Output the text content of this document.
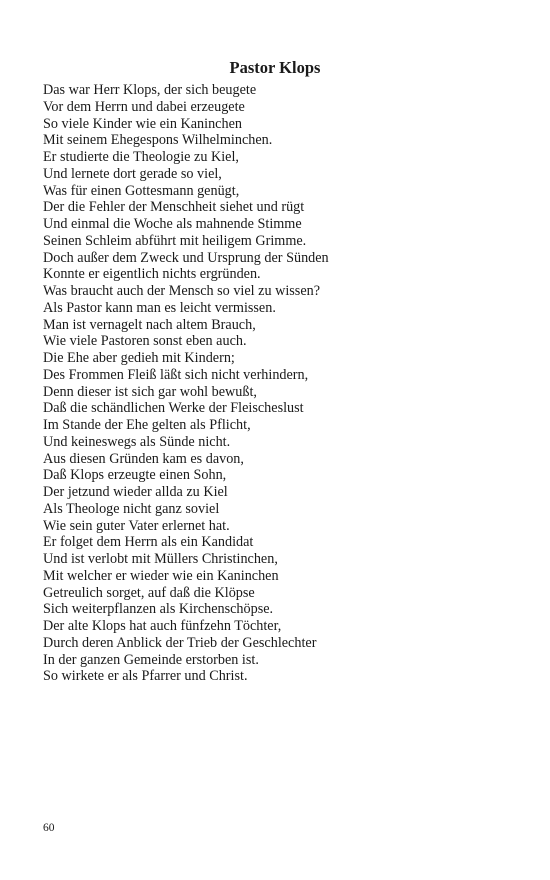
Pastor Klops
Das war Herr Klops, der sich beugete
Vor dem Herrn und dabei erzeugete
So viele Kinder wie ein Kaninchen
Mit seinem Ehegespons Wilhelminchen.
Er studierte die Theologie zu Kiel,
Und lernete dort gerade so viel,
Was für einen Gottesmann genügt,
Der die Fehler der Menschheit siehet und rügt
Und einmal die Woche als mahnende Stimme
Seinen Schleim abführt mit heiligem Grimme.
Doch außer dem Zweck und Ursprung der Sünden
Konnte er eigentlich nichts ergründen.
Was braucht auch der Mensch so viel zu wissen?
Als Pastor kann man es leicht vermissen.
Man ist vernagelt nach altem Brauch,
Wie viele Pastoren sonst eben auch.
Die Ehe aber gedieh mit Kindern;
Des Frommen Fleiß läßt sich nicht verhindern,
Denn dieser ist sich gar wohl bewußt,
Daß die schändlichen Werke der Fleischeslust
Im Stande der Ehe gelten als Pflicht,
Und keineswegs als Sünde nicht.
Aus diesen Gründen kam es davon,
Daß Klops erzeugte einen Sohn,
Der jetzund wieder allda zu Kiel
Als Theologe nicht ganz soviel
Wie sein guter Vater erlernet hat.
Er folget dem Herrn als ein Kandidat
Und ist verlobt mit Müllers Christinchen,
Mit welcher er wieder wie ein Kaninchen
Getreulich sorget, auf daß die Klöpse
Sich weiterpflanzen als Kirchenschöpse.
Der alte Klops hat auch fünfzehn Töchter,
Durch deren Anblick der Trieb der Geschlechter
In der ganzen Gemeinde erstorben ist.
So wirkete er als Pfarrer und Christ.
60
